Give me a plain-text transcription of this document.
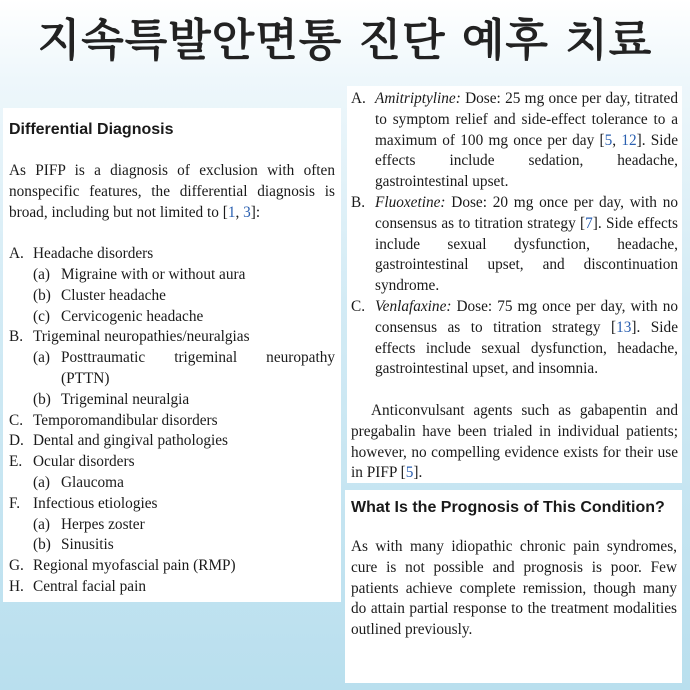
지속특발안면통 진단 예후 치료
Differential Diagnosis

As PIFP is a diagnosis of exclusion with often nonspecific features, the differential diagnosis is broad, including but not limited to [1, 3]:

A. Headache disorders
(a) Migraine with or without aura
(b) Cluster headache
(c) Cervicogenic headache
B. Trigeminal neuropathies/neuralgias
(a) Posttraumatic trigeminal neuropathy (PTTN)
(b) Trigeminal neuralgia
C. Temporomandibular disorders
D. Dental and gingival pathologies
E. Ocular disorders
(a) Glaucoma
F. Infectious etiologies
(a) Herpes zoster
(b) Sinusitis
G. Regional myofascial pain (RMP)
H. Central facial pain
A. Amitriptyline: Dose: 25 mg once per day, titrated to symptom relief and side-effect tolerance to a maximum of 100 mg once per day [5, 12]. Side effects include sedation, headache, gastrointestinal upset.
B. Fluoxetine: Dose: 20 mg once per day, with no consensus as to titration strategy [7]. Side effects include sexual dysfunction, headache, gastrointestinal upset, and discontinuation syndrome.
C. Venlafaxine: Dose: 75 mg once per day, with no consensus as to titration strategy [13]. Side effects include sexual dysfunction, headache, gastrointestinal upset, and insomnia.

Anticonvulsant agents such as gabapentin and pregabalin have been trialed in individual patients; however, no compelling evidence exists for their use in PIFP [5].

What Is the Prognosis of This Condition?

As with many idiopathic chronic pain syndromes, cure is not possible and prognosis is poor. Few patients achieve complete remission, though many do attain partial response to the treatment modalities outlined previously.
